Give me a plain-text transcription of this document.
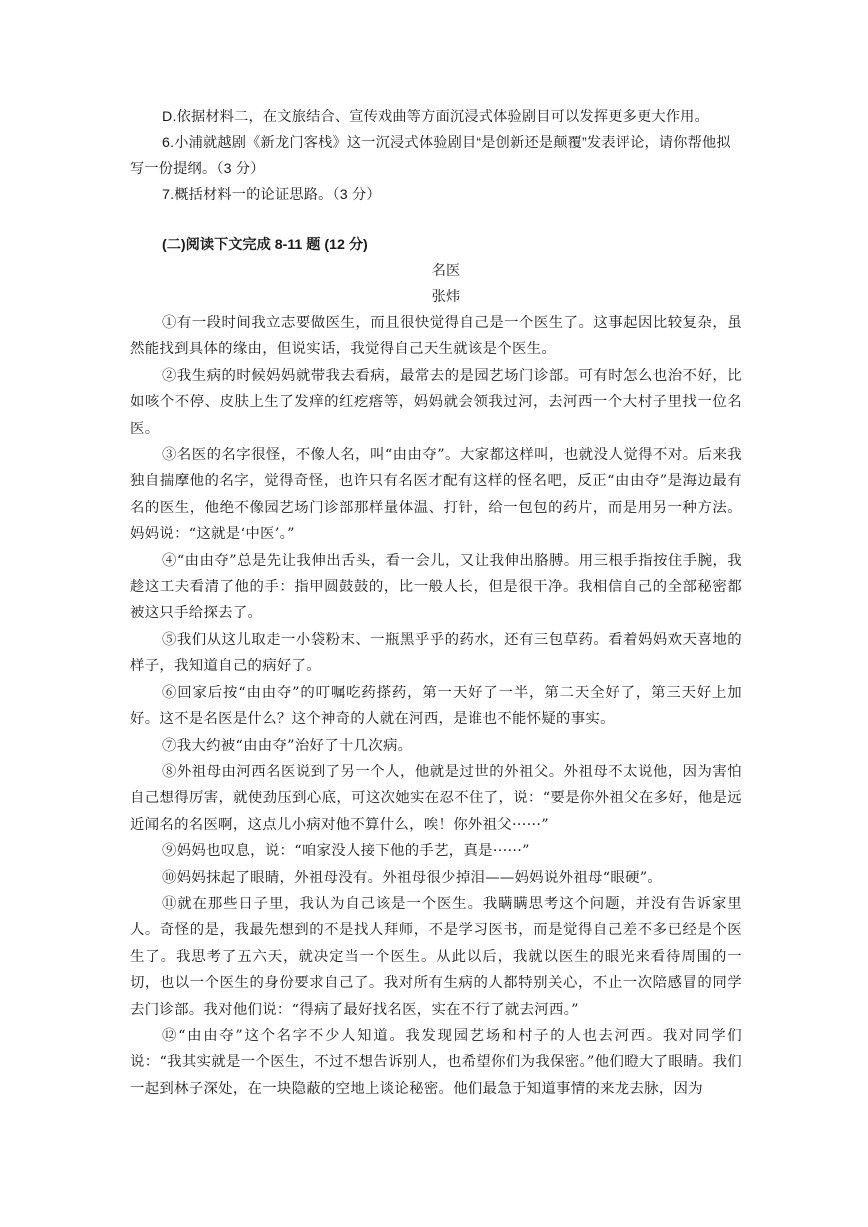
D.依据材料二，在文旅结合、宣传戏曲等方面沉浸式体验剧目可以发挥更多更大作用。

6.小浦就越剧《新龙门客栈》这一沉浸式体验剧目“是创新还是颠覆”发表评论，请你帮他拟写一份提纲。（3 分）

7.概括材料一的论证思路。（3 分）

(二)阅读下文完成 8-11 题 (12 分)

名医

张炜

①有一段时间我立志要做医生，而且很快觉得自己是一个医生了。这事起因比较复杂，虽然能找到具体的缘由，但说实话，我觉得自己天生就该是个医生。

②我生病的时候妈妈就带我去看病，最常去的是园艺场门诊部。可有时怎么也治不好，比如咳个不停、皮肤上生了发痒的红疙瘩等，妈妈就会领我过河，去河西一个大村子里找一位名医。

③名医的名字很怪，不像人名，叫“由由夺”。大家都这样叫，也就没人觉得不对。后来我独自揣摩他的名字，觉得奇怪，也许只有名医才配有这样的怪名吧，反正“由由夺”是海边最有名的医生，他绝不像园艺场门诊部那样量体温、打针，给一包包的药片，而是用另一种方法。妈妈说：“这就是‘中医’。”

④“由由夺”总是先让我伸出舌头，看一会儿，又让我伸出胳膊。用三根手指按住手腕，我趁这工夫看清了他的手：指甲圆鼓鼓的，比一般人长，但是很干净。我相信自己的全部秘密都被这只手给探去了。

⑤我们从这儿取走一小袋粉末、一瓶黑乎乎的药水，还有三包草药。看着妈妈欢天喜地的样子，我知道自己的病好了。

⑥回家后按“由由夺”的叮嘱吃药搽药，第一天好了一半，第二天全好了，第三天好上加好。这不是名医是什么？这个神奇的人就在河西，是谁也不能怀疑的事实。

⑦我大约被“由由夺”治好了十几次病。

⑧外祖母由河西名医说到了另一个人，他就是过世的外祖父。外祖母不太说他，因为害怕自己想得厉害，就使劲压到心底，可这次她实在忍不住了，说：“要是你外祖父在多好，他是远近闻名的名医啊，这点儿小病对他不算什么，唉！你外祖父······”

⑨妈妈也叹息，说：“咱家没人接下他的手艺，真是······”

⑩妈妈抹起了眼睛，外祖母没有。外祖母很少掉泪——妈妈说外祖母“眼硬”。

⑪就在那些日子里，我认为自己该是一个医生。我瞒瞒思考这个问题，并没有告诉家里人。奇怪的是，我最先想到的不是找人拜师，不是学习医书，而是觉得自己差不多已经是个医生了。我思考了五六天，就决定当一个医生。从此以后，我就以医生的眼光来看待周围的一切，也以一个医生的身份要求自己了。我对所有生病的人都特别关心，不止一次陪感冒的同学去门诊部。我对他们说：“得病了最好找名医，实在不行了就去河西。”

⑫“由由夺”这个名字不少人知道。我发现园艺场和村子的人也去河西。我对同学们说：“我其实就是一个医生，不过不想告诉别人，也希望你们为我保密。”他们瞪大了眼睛。我们一起到林子深处，在一块隐蔽的空地上谈论秘密。他们最急于知道事情的来龙去脉，因为
